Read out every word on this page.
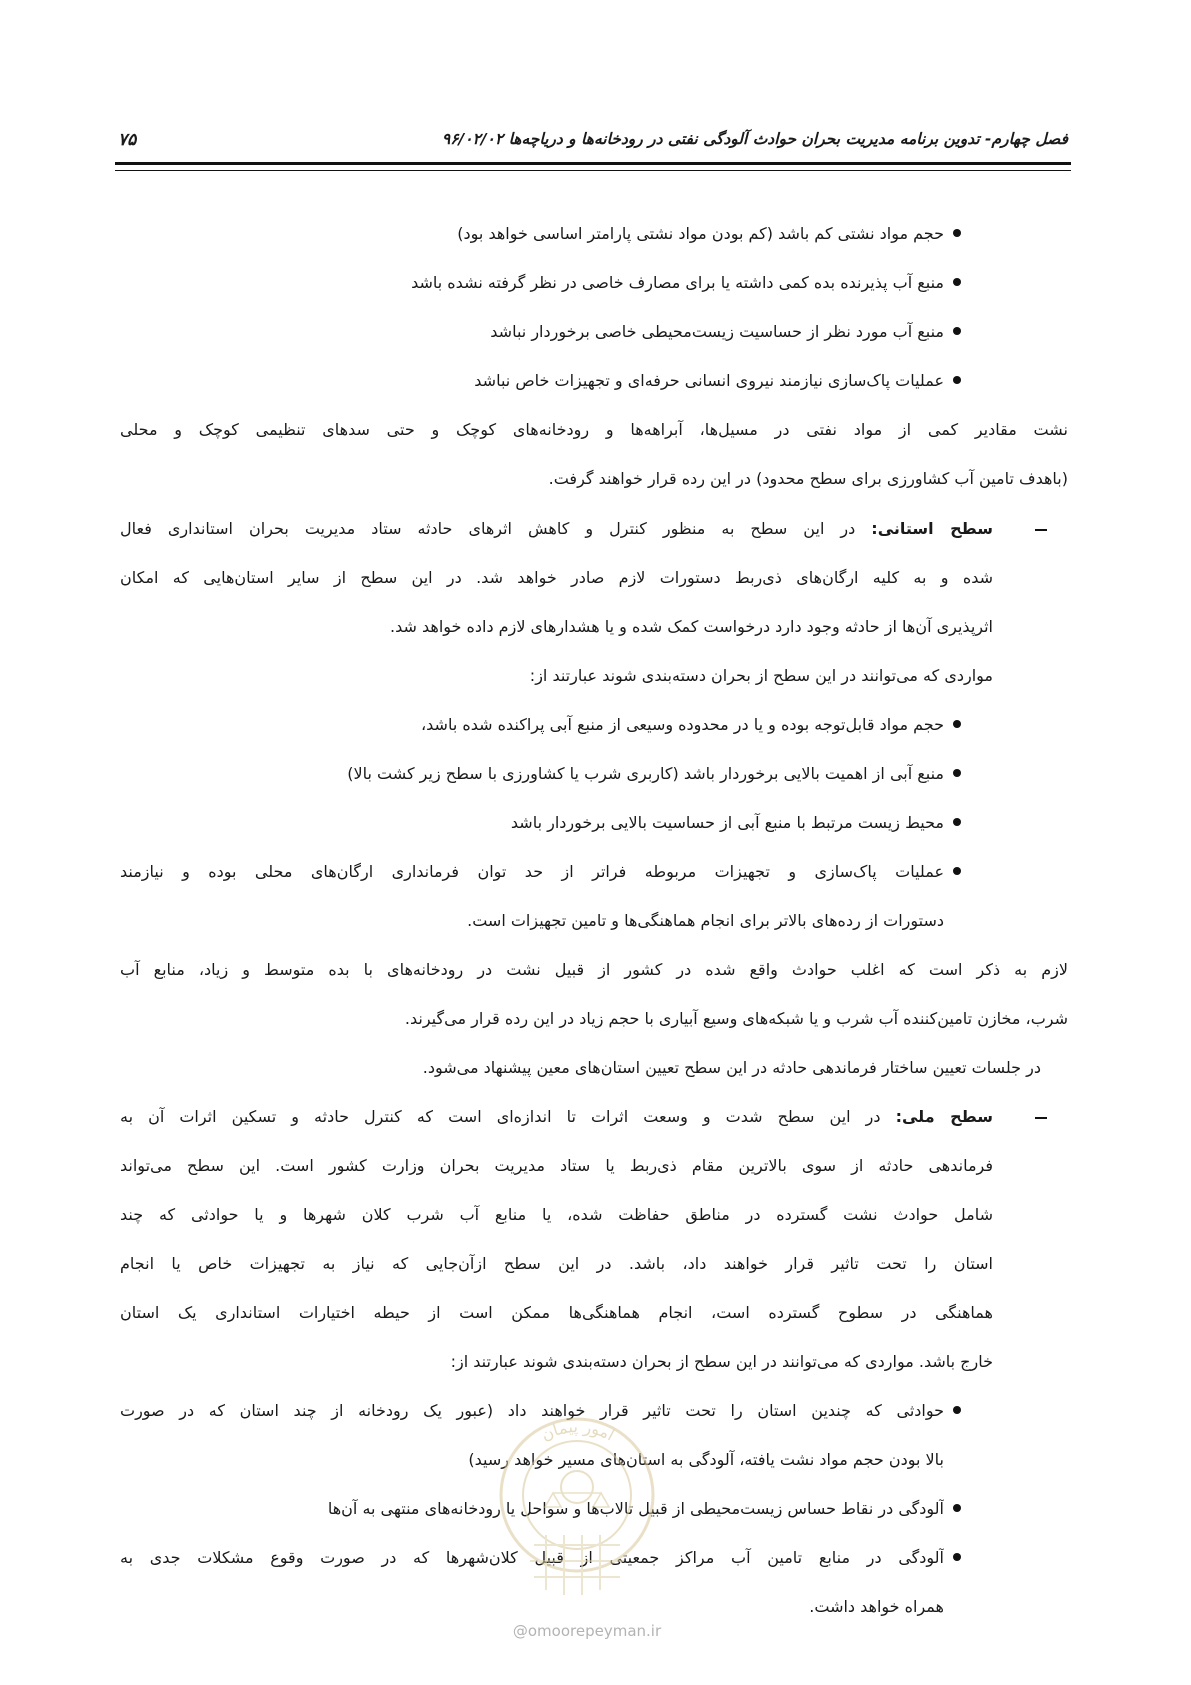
فصل چهارم- تدوین برنامه مدیریت بحران حوادث آلودگی نفتی در رودخانه‌ها و دریاچه‌ها ۹۶/۰۲/۰۲
۷۵
حجم مواد نشتی کم باشد (کم بودن مواد نشتی پارامتر اساسی خواهد بود)
منبع آب پذیرنده بده کمی داشته یا برای مصارف خاصی در نظر گرفته نشده باشد
منبع آب مورد نظر از حساسیت زیست‌محیطی خاصی برخوردار نباشد
عملیات پاک‌سازی نیازمند نیروی انسانی حرفه‌ای و تجهیزات خاص نباشد
نشت مقادیر کمی از مواد نفتی در مسیل‌ها، آبراهه‌ها و رودخانه‌های کوچک و حتی سدهای تنظیمی کوچک و محلی
(باهدف تامین آب کشاورزی برای سطح محدود) در این رده قرار خواهند گرفت.
سطح استانی: در این سطح به منظور کنترل و کاهش اثرهای حادثه ستاد مدیریت بحران استانداری فعال
شده و به کلیه ارگان‌های ذی‌ربط دستورات لازم صادر خواهد شد. در این سطح از سایر استان‌هایی که امکان
اثرپذیری آن‌ها از حادثه وجود دارد درخواست کمک شده و یا هشدارهای لازم داده خواهد شد.
مواردی که می‌توانند در این سطح از بحران دسته‌بندی شوند عبارتند از:
حجم مواد قابل‌توجه بوده و یا در محدوده وسیعی از منبع آبی پراکنده شده باشد،
منبع آبی از اهمیت بالایی برخوردار باشد (کاربری شرب یا کشاورزی با سطح زیر کشت بالا)
محیط زیست مرتبط با منبع آبی از حساسیت بالایی برخوردار باشد
عملیات پاک‌سازی و تجهیزات مربوطه فراتر از حد توان فرمانداری ارگان‌های محلی بوده و نیازمند
دستورات از رده‌های بالاتر برای انجام هماهنگی‌ها و تامین تجهیزات است.
لازم به ذکر است که اغلب حوادث واقع شده در کشور از قبیل نشت در رودخانه‌های با بده متوسط و زیاد، منابع آب
شرب، مخازن تامین‌کننده آب شرب و یا شبکه‌های وسیع آبیاری با حجم زیاد در این رده قرار می‌گیرند.
در جلسات تعیین ساختار فرماندهی حادثه در این سطح تعیین استان‌های معین پیشنهاد می‌شود.
سطح ملی: در این سطح شدت و وسعت اثرات تا اندازه‌ای است که کنترل حادثه و تسکین اثرات آن به
فرماندهی حادثه از سوی بالاترین مقام ذی‌ربط یا ستاد مدیریت بحران وزارت کشور است. این سطح می‌تواند
شامل حوادث نشت گسترده در مناطق حفاظت شده، یا منابع آب شرب کلان شهرها و یا حوادثی که چند
استان را تحت تاثیر قرار خواهند داد، باشد. در این سطح ازآن‌جایی که نیاز به تجهیزات خاص یا انجام
هماهنگی در سطوح گسترده است، انجام هماهنگی‌ها ممکن است از حیطه اختیارات استانداری یک استان
خارج باشد. مواردی که می‌توانند در این سطح از بحران دسته‌بندی شوند عبارتند از:
حوادثی که چندین استان را تحت تاثیر قرار خواهند داد (عبور یک رودخانه از چند استان که در صورت
بالا بودن حجم مواد نشت یافته، آلودگی به استان‌های مسیر خواهد رسید)
آلودگی در نقاط حساس زیست‌محیطی از قبیل تالاب‌ها و سواحل یا رودخانه‌های منتهی به آن‌ها
آلودگی در منابع تامین آب مراکز جمعیتی از قبیل کلان‌شهرها که در صورت وقوع مشکلات جدی به
همراه خواهد داشت.
امور پیمان
@omoorepeyman.ir
